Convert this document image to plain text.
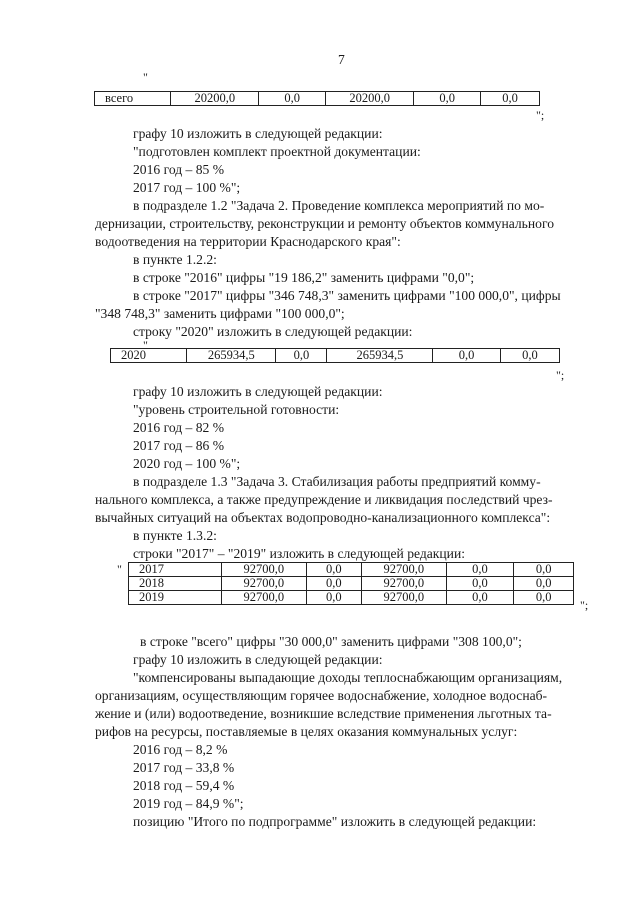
7
"
всего	20200,0	0,0	20200,0	0,0	0,0
";
графу 10 изложить в следующей редакции:
"подготовлен комплект проектной документации:
2016 год – 85 %
2017 год – 100 %";
в подразделе 1.2 "Задача 2. Проведение комплекса мероприятий по мо-
дернизации, строительству, реконструкции и ремонту объектов коммунального
водоотведения на территории Краснодарского края":
в пункте 1.2.2:
в строке "2016" цифры "19 186,2" заменить цифрами "0,0";
в строке "2017" цифры "346 748,3" заменить цифрами "100 000,0", цифры
"348 748,3" заменить цифрами "100 000,0";
строку "2020" изложить в следующей редакции:
"
2020	265934,5	0,0	265934,5	0,0	0,0
";
графу 10 изложить в следующей редакции:
"уровень строительной готовности:
2016 год – 82 %
2017 год – 86 %
2020 год – 100 %";
в подразделе 1.3 "Задача 3. Стабилизация работы предприятий комму-
нального комплекса, а также предупреждение и ликвидация последствий чрез-
вычайных ситуаций на объектах водопроводно-канализационного комплекса":
в пункте 1.3.2:
строки "2017" – "2019" изложить в следующей редакции:
" 2017	92700,0	0,0	92700,0	0,0	0,0
2018	92700,0	0,0	92700,0	0,0	0,0
2019	92700,0	0,0	92700,0	0,0	0,0
";
в строке "всего" цифры "30 000,0" заменить цифрами "308 100,0";
графу 10 изложить в следующей редакции:
"компенсированы выпадающие доходы теплоснабжающим организациям,
организациям, осуществляющим горячее водоснабжение, холодное водоснаб-
жение и (или) водоотведение, возникшие вследствие применения льготных та-
рифов на ресурсы, поставляемые в целях оказания коммунальных услуг:
2016 год – 8,2 %
2017 год – 33,8 %
2018 год – 59,4 %
2019 год – 84,9 %";
позицию "Итого по подпрограмме" изложить в следующей редакции:
